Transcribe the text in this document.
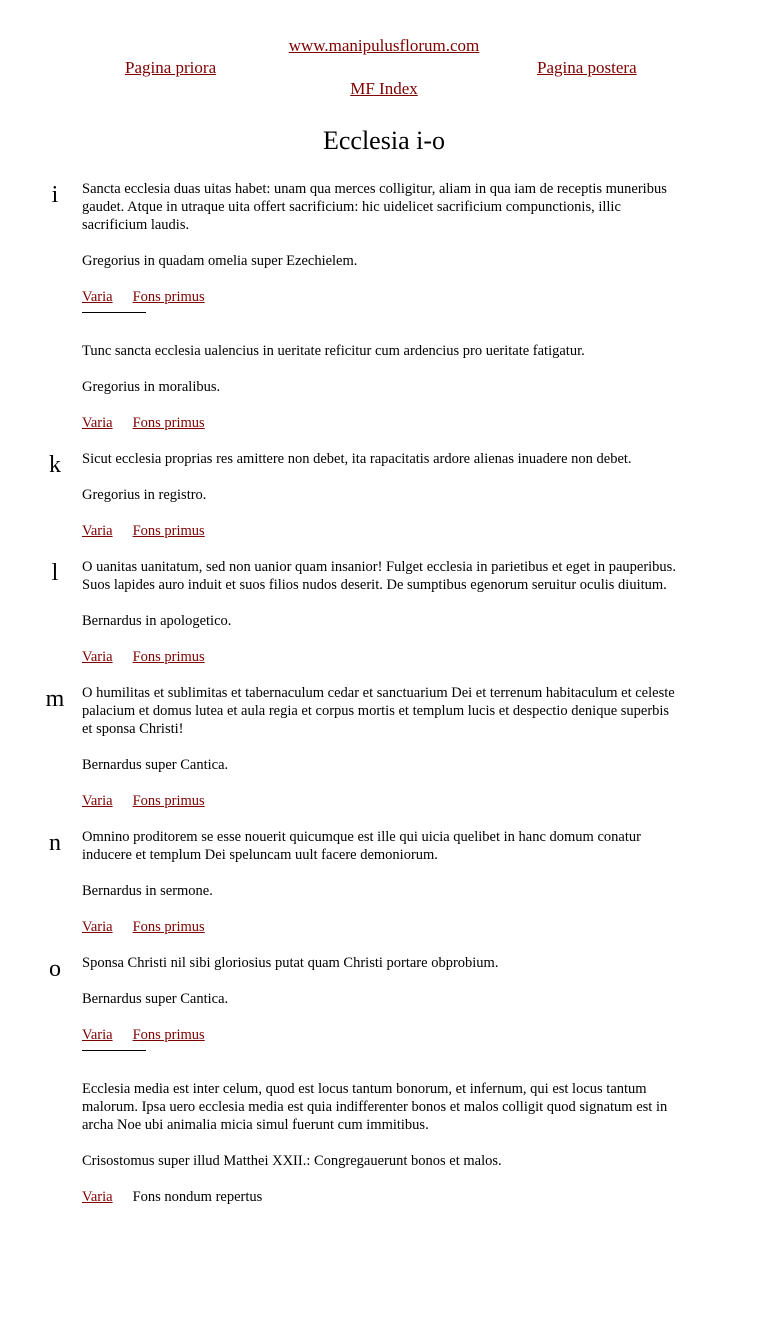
www.manipulusflorum.com
Pagina priora	Pagina postera
MF Index
Ecclesia i-o
i	Sancta ecclesia duas uitas habet: unam qua merces colligitur, aliam in qua iam de receptis muneribus gaudet. Atque in utraque uita offert sacrificium: hic uidelicet sacrificium compunctionis, illic sacrificium laudis.

Gregorius in quadam omelia super Ezechielem.

Varia Fons primus

Tunc sancta ecclesia ualencius in ueritate reficitur cum ardencius pro ueritate fatigatur.

Gregorius in moralibus.

Varia Fons primus

k	Sicut ecclesia proprias res amittere non debet, ita rapacitatis ardore alienas inuadere non debet.

Gregorius in registro.

Varia Fons primus

l	O uanitas uanitatum, sed non uanior quam insanior! Fulget ecclesia in parietibus et eget in pauperibus. Suos lapides auro induit et suos filios nudos deserit. De sumptibus egenorum seruitur oculis diuitum.

Bernardus in apologetico.

Varia Fons primus

m O humilitas et sublimitas et tabernaculum cedar et sanctuarium Dei et terrenum habitaculum et celeste palacium et domus lutea et aula regia et corpus mortis et templum lucis et despectio denique superbis et sponsa Christi!

Bernardus super Cantica.

Varia Fons primus

n	Omnino proditorem se esse nouerit quicumque est ille qui uicia quelibet in hanc domum conatur inducere et templum Dei speluncam uult facere demoniorum.

Bernardus in sermone.

Varia Fons primus

o	Sponsa Christi nil sibi gloriosius putat quam Christi portare obprobium.

Bernardus super Cantica.

Varia Fons primus

Ecclesia media est inter celum, quod est locus tantum bonorum, et infernum, qui est locus tantum malorum. Ipsa uero ecclesia media est quia indifferenter bonos et malos colligit quod signatum est in archa Noe ubi animalia micia simul fuerunt cum immitibus.

Crisostomus super illud Matthei XXII.: Congregauerunt bonos et malos.

Varia Fons nondum repertus
